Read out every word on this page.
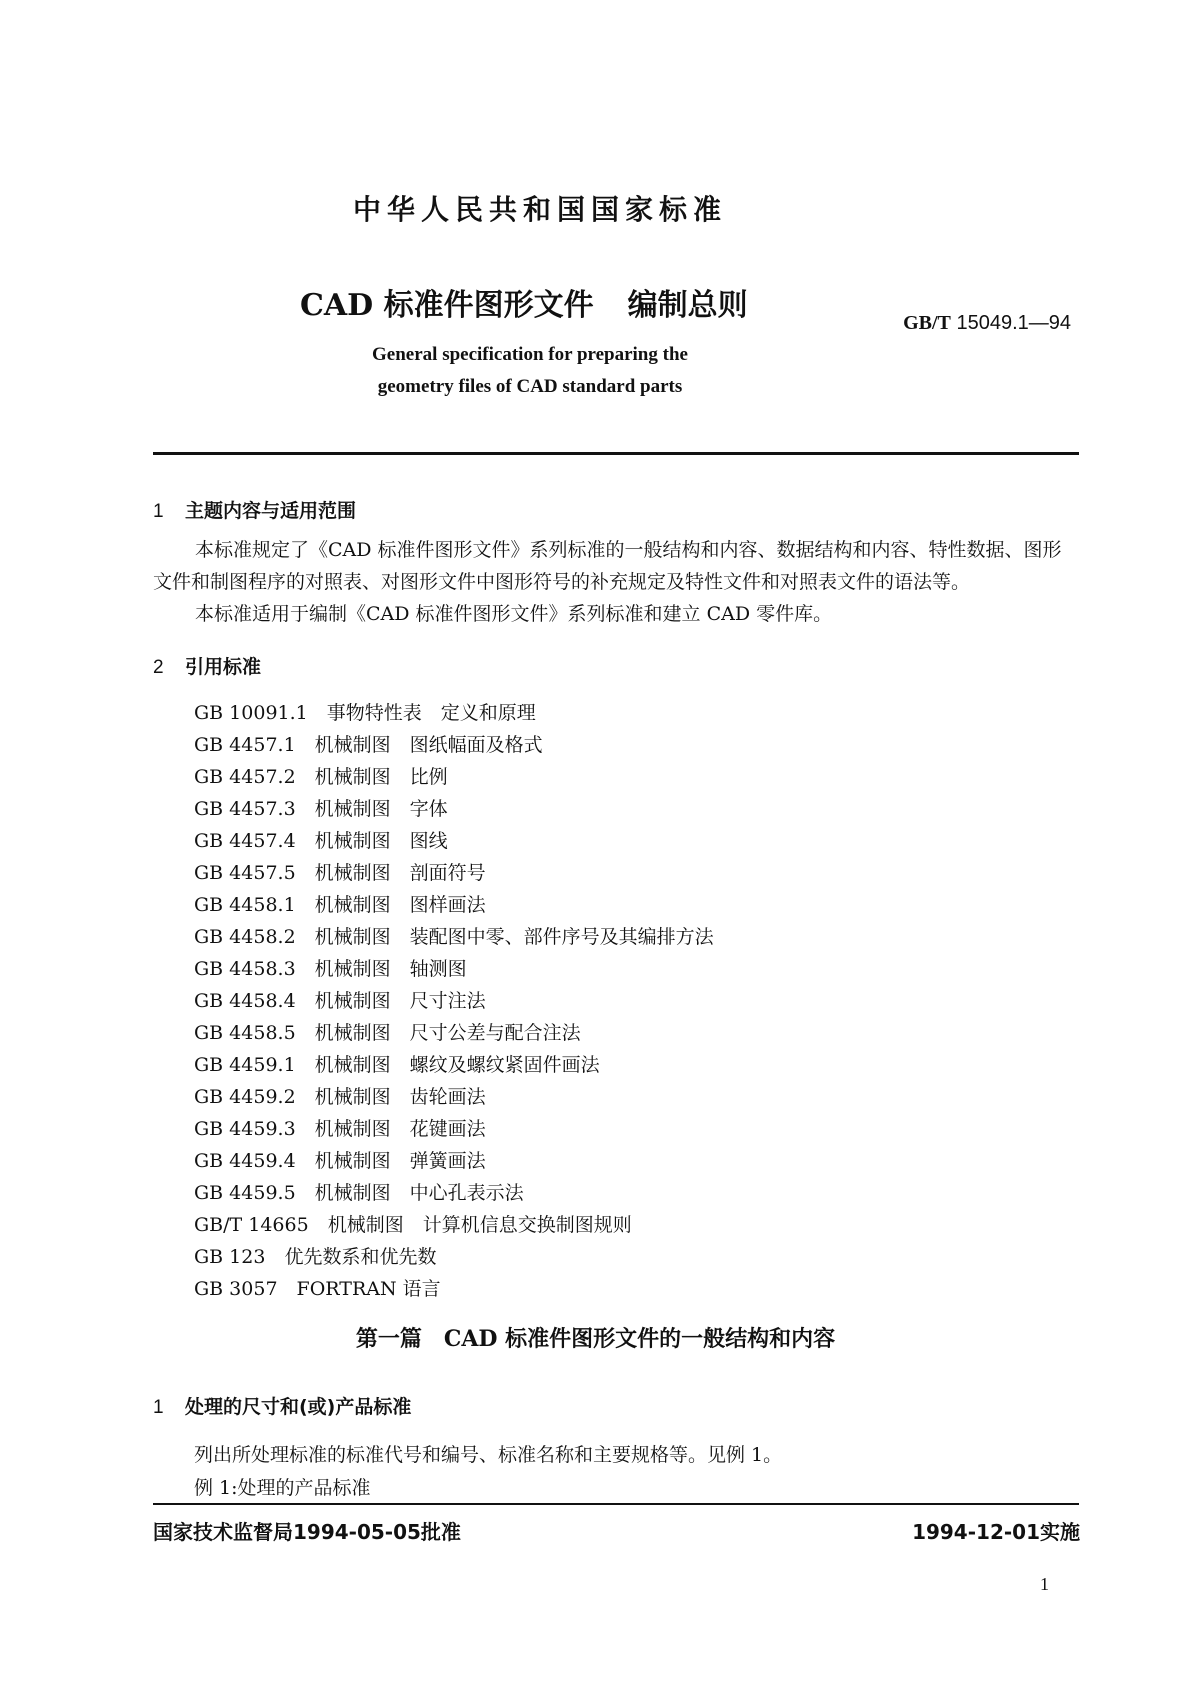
中华人民共和国国家标准
CAD 标准件图形文件 编制总则	GB/T 15049.1—94
General specification for preparing the
geometry files of CAD standard parts
1 主题内容与适用范围
本标准规定了《CAD 标准件图形文件》系列标准的一般结构和内容、数据结构和内容、特性数据、图形文件和制图程序的对照表、对图形文件中图形符号的补充规定及特性文件和对照表文件的语法等。
本标准适用于编制《CAD 标准件图形文件》系列标准和建立 CAD 零件库。
2 引用标准
GB 10091.1　事物特性表　定义和原理
GB 4457.1　机械制图　图纸幅面及格式
GB 4457.2　机械制图　比例
GB 4457.3　机械制图　字体
GB 4457.4　机械制图　图线
GB 4457.5　机械制图　剖面符号
GB 4458.1　机械制图　图样画法
GB 4458.2　机械制图　装配图中零、部件序号及其编排方法
GB 4458.3　机械制图　轴测图
GB 4458.4　机械制图　尺寸注法
GB 4458.5　机械制图　尺寸公差与配合注法
GB 4459.1　机械制图　螺纹及螺纹紧固件画法
GB 4459.2　机械制图　齿轮画法
GB 4459.3　机械制图　花键画法
GB 4459.4　机械制图　弹簧画法
GB 4459.5　机械制图　中心孔表示法
GB/T 14665　机械制图　计算机信息交换制图规则
GB 123　优先数系和优先数
GB 3057　FORTRAN 语言
第一篇　CAD 标准件图形文件的一般结构和内容
1 处理的尺寸和(或)产品标准
列出所处理标准的标准代号和编号、标准名称和主要规格等。见例 1。
例 1:处理的产品标准
国家技术监督局1994-05-05批准	1994-12-01实施
1
